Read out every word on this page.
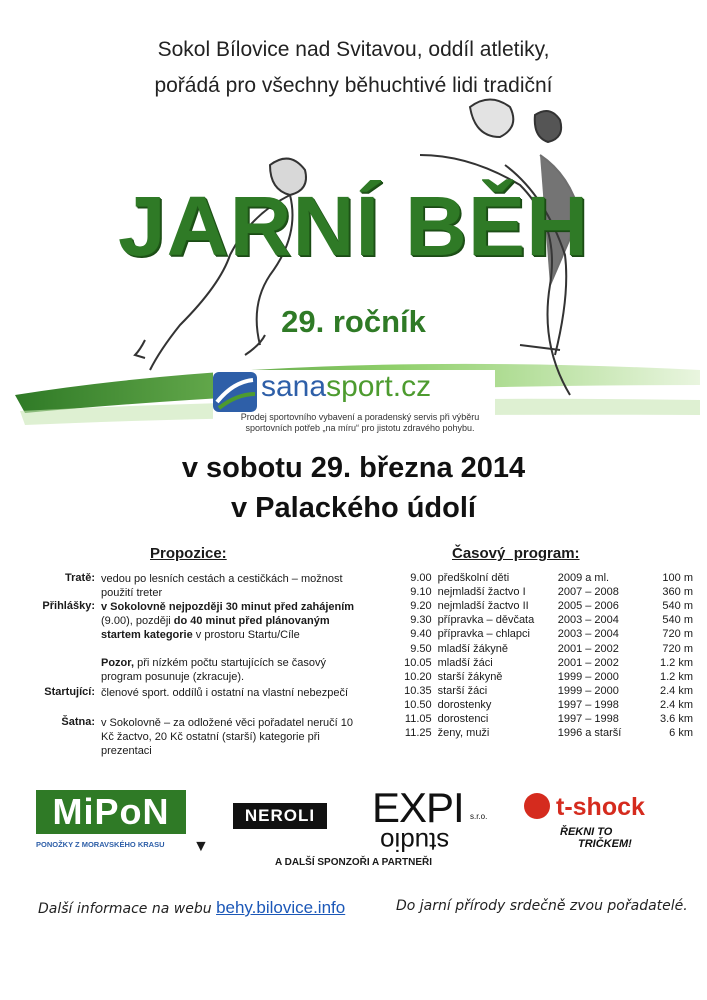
Sokol Bílovice nad Svitavou, oddíl atletiky,
pořádá pro všechny běhuchtivé lidi tradiční
JARNÍ BĚH
29. ročník
sanasport.cz
Prodej sportovního vybavení a poradenský servis při výběru
sportovních potřeb „na míru“ pro jistotu zdravého pohybu.
v sobotu 29. března 2014
v Palackého údolí
Propozice:
Tratě: vedou po lesních cestách a cestičkách – možnost použití treter
Přihlášky: v Sokolovně nejpozději 30 minut před zahájením (9.00), později do 40 minut před plánovaným startem kategorie v prostoru Startu/Cíle
Pozor, při nízkém počtu startujících se časový program posunuje (zkracuje).
Startující: členové sport. oddílů i ostatní na vlastní nebezpečí
Šatna: v Sokolovně – za odložené věci pořadatel neručí 10 Kč žactvo, 20 Kč ostatní (starší) kategorie při prezentaci
Časový  program:
9.00	předškolní děti	2009 a ml.	100 m
9.10	nejmladší žactvo I	2007 – 2008	360 m
9.20	nejmladší žactvo II	2005 – 2006	540 m
9.30	přípravka – děvčata	2003 – 2004	540 m
9.40	přípravka – chlapci	2003 – 2004	720 m
9.50	mladší žákyně	2001 – 2002	720 m
10.05	mladší žáci	2001 – 2002	1.2 km
10.20	starší žákyně	1999 – 2000	1.2 km
10.35	starší žáci	1999 – 2000	2.4 km
10.50	dorostenky	1997 – 1998	2.4 km
11.05	dorostenci	1997 – 1998	3.6 km
11.25	ženy, muži	1996 a starší	6 km
MiPoN
PONOŽKY Z MORAVSKÉHO KRASU ▼
NEROLI EXPI
studio
s.r.o.	t-shock
ŘEKNI TO
TRIČKEM!
A DALŠÍ SPONZOŘI A PARTNEŘI
Další informace na webu behy.bilovice.info	Do jarní přírody srdečně zvou pořadatelé.
